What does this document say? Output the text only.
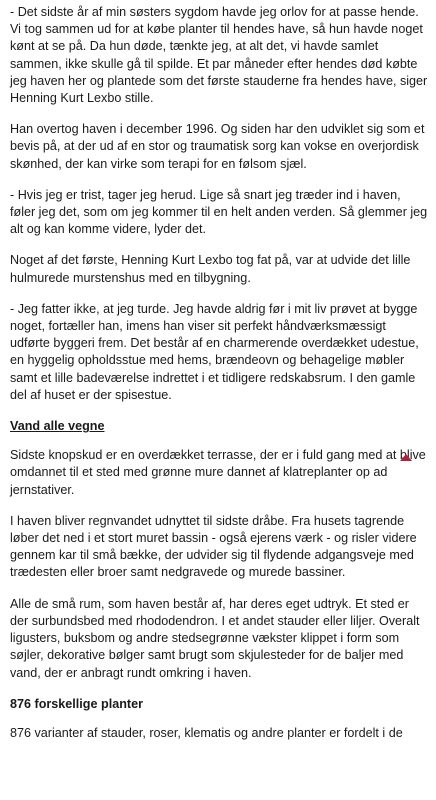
- Det sidste år af min søsters sygdom havde jeg orlov for at passe hende. Vi tog sammen ud for at købe planter til hendes have, så hun havde noget kønt at se på. Da hun døde, tænkte jeg, at alt det, vi havde samlet sammen, ikke skulle gå til spilde. Et par måneder efter hendes død købte jeg haven her og plantede som det første stauderne fra hendes have, siger Henning Kurt Lexbo stille.

Han overtog haven i december 1996. Og siden har den udviklet sig som et bevis på, at der ud af en stor og traumatisk sorg kan vokse en overjordisk skønhed, der kan virke som terapi for en følsom sjæl.

- Hvis jeg er trist, tager jeg herud. Lige så snart jeg træder ind i haven, føler jeg det, som om jeg kommer til en helt anden verden. Så glemmer jeg alt og kan komme videre, lyder det.

Noget af det første, Henning Kurt Lexbo tog fat på, var at udvide det lille hulmurede murstenshus med en tilbygning.

- Jeg fatter ikke, at jeg turde. Jeg havde aldrig før i mit liv prøvet at bygge noget, fortæller han, imens han viser sit perfekt håndværksmæssigt udførte byggeri frem. Det består af en charmerende overdækket udestue, en hyggelig opholdsstue med hems, brændeovn og behagelige møbler samt et lille badeværelse indrettet i et tidligere redskabsrum. I den gamle del af huset er der spisestue.

Vand alle vegne

Sidste knopskud er en overdækket terrasse, der er i fuld gang med at blive omdannet til et sted med grønne mure dannet af klatreplanter op ad jernstativer.

I haven bliver regnvandet udnyttet til sidste dråbe. Fra husets tagrende løber det ned i et stort muret bassin - også ejerens værk - og risler videre gennem kar til små bække, der udvider sig til flydende adgangsveje med trædesten eller broer samt nedgravede og murede bassiner.

Alle de små rum, som haven består af, har deres eget udtryk. Et sted er der surbundsbed med rhododendron. I et andet stauder eller liljer. Overalt ligusters, buksbom og andre stedsegrønne vækster klippet i form som søjler, dekorative bølger samt brugt som skjulesteder for de baljer med vand, der er anbragt rundt omkring i haven.

876 forskellige planter

876 varianter af stauder, roser, klematis og andre planter er fordelt i de
